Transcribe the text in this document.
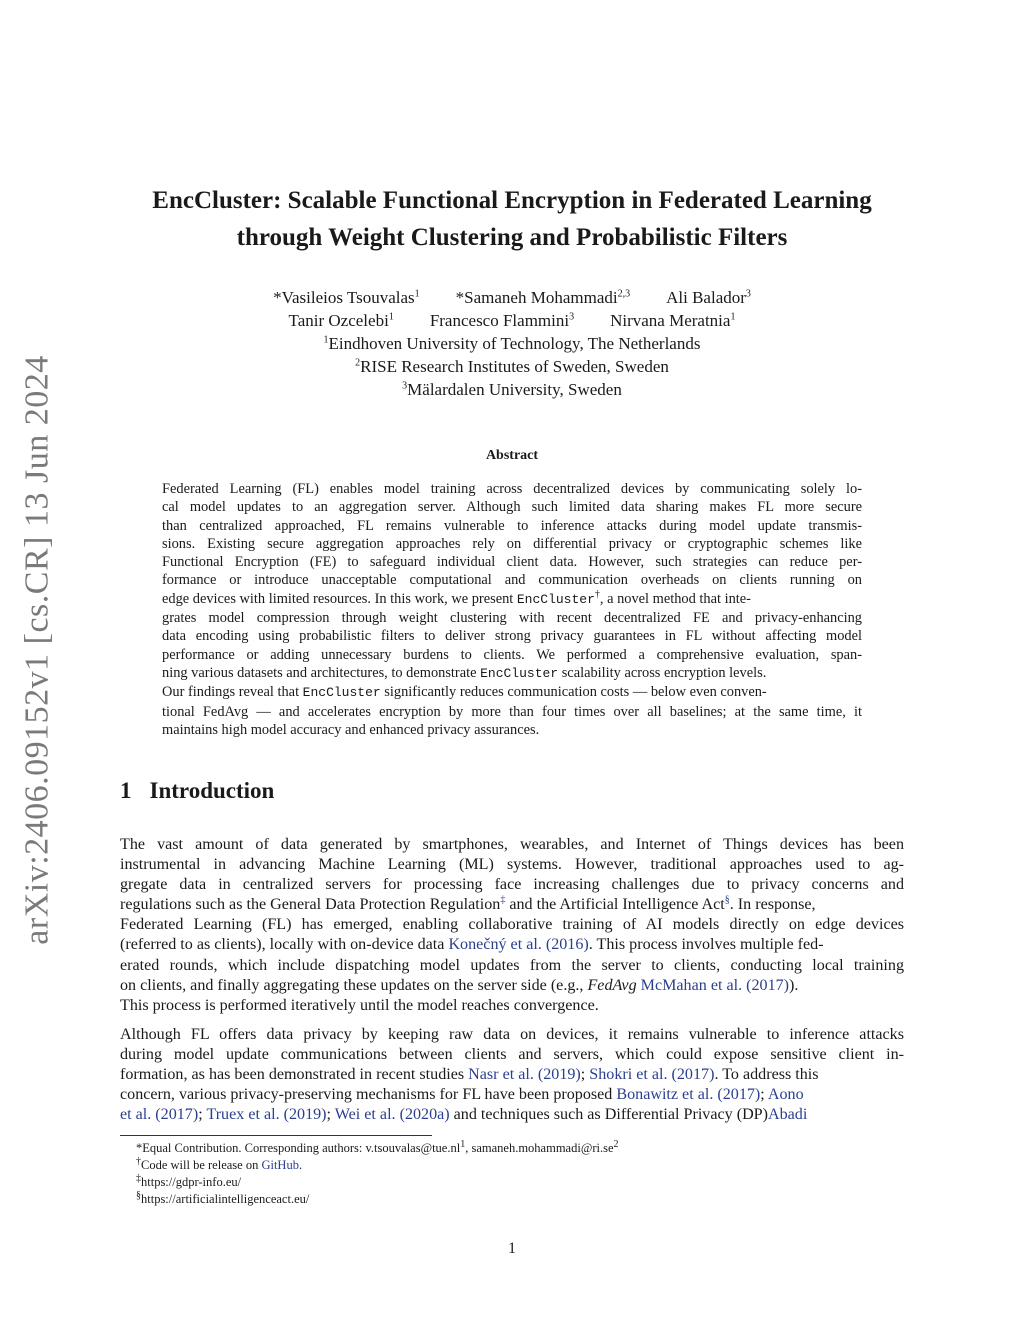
arXiv:2406.09152v1 [cs.CR] 13 Jun 2024
EncCluster: Scalable Functional Encryption in Federated Learning
through Weight Clustering and Probabilistic Filters
*Vasileios Tsouvalas$^1$ *Samaneh Mohammadi$^{2,3}$ Ali Balador$^3$
Tanir Ozcelebi$^1$ Francesco Flammini$^3$ Nirvana Meratnia$^1$
$^1$Eindhoven University of Technology, The Netherlands
$^2$RISE Research Institutes of Sweden, Sweden
$^3$Mälardalen University, Sweden
Abstract
Federated Learning (FL) enables model training across decentralized devices by communicating solely lo-
cal model updates to an aggregation server. Although such limited data sharing makes FL more secure
than centralized approached, FL remains vulnerable to inference attacks during model update transmis-
sions. Existing secure aggregation approaches rely on differential privacy or cryptographic schemes like
Functional Encryption (FE) to safeguard individual client data. However, such strategies can reduce per-
formance or introduce unacceptable computational and communication overheads on clients running on
edge devices with limited resources. In this work, we present EncCluster†, a novel method that inte-
grates model compression through weight clustering with recent decentralized FE and privacy-enhancing
data encoding using probabilistic filters to deliver strong privacy guarantees in FL without affecting model
performance or adding unnecessary burdens to clients. We performed a comprehensive evaluation, span-
ning various datasets and architectures, to demonstrate EncCluster scalability across encryption levels.
Our findings reveal that EncCluster significantly reduces communication costs — below even conven-
tional FedAvg — and accelerates encryption by more than four times over all baselines; at the same time, it
maintains high model accuracy and enhanced privacy assurances.
1 Introduction
The vast amount of data generated by smartphones, wearables, and Internet of Things devices has been
instrumental in advancing Machine Learning (ML) systems. However, traditional approaches used to ag-
gregate data in centralized servers for processing face increasing challenges due to privacy concerns and
regulations such as the General Data Protection Regulation‡ and the Artificial Intelligence Act§. In response,
Federated Learning (FL) has emerged, enabling collaborative training of AI models directly on edge devices
(referred to as clients), locally with on-device data Konečný et al. (2016). This process involves multiple fed-
erated rounds, which include dispatching model updates from the server to clients, conducting local training
on clients, and finally aggregating these updates on the server side (e.g., FedAvg McMahan et al. (2017)).
This process is performed iteratively until the model reaches convergence.
Although FL offers data privacy by keeping raw data on devices, it remains vulnerable to inference attacks
during model update communications between clients and servers, which could expose sensitive client in-
formation, as has been demonstrated in recent studies Nasr et al. (2019); Shokri et al. (2017). To address this
concern, various privacy-preserving mechanisms for FL have been proposed Bonawitz et al. (2017); Aono
et al. (2017); Truex et al. (2019); Wei et al. (2020a) and techniques such as Differential Privacy (DP)Abadi
*Equal Contribution. Corresponding authors: $v.tsouvalas@tue.nl^1$, $samaneh.mohammadi@ri.se^2$
†Code will be release on GitHub.
‡https://gdpr-info.eu/
§https://artificialintelligenceact.eu/
1
